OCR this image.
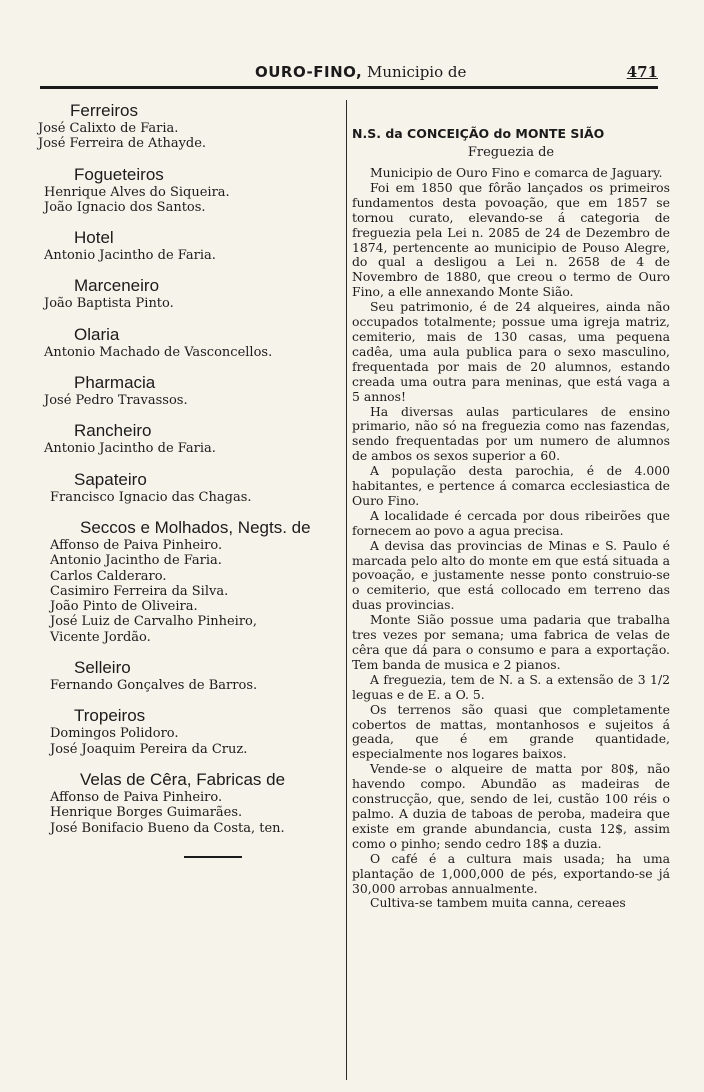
OURO-FINO, Municipio de	471
Ferreiros
José Calixto de Faria.
José Ferreira de Athayde.
Fogueteiros
Henrique Alves do Siqueira.
João Ignacio dos Santos.
Hotel
Antonio Jacintho de Faria.
Marceneiro
João Baptista Pinto.
Olaria
Antonio Machado de Vasconcellos.
Pharmacia
José Pedro Travassos.
Rancheiro
Antonio Jacintho de Faria.
Sapateiro
Francisco Ignacio das Chagas.
Seccos e Molhados, Negts. de
Affonso de Paiva Pinheiro.
Antonio Jacintho de Faria.
Carlos Calderaro.
Casimiro Ferreira da Silva.
João Pinto de Oliveira.
José Luiz de Carvalho Pinheiro,
Vicente Jordão.
Selleiro
Fernando Gonçalves de Barros.
Tropeiros
Domingos Polidoro.
José Joaquim Pereira da Cruz.
Velas de Cêra, Fabricas de
Affonso de Paiva Pinheiro.
Henrique Borges Guimarães.
José Bonifacio Bueno da Costa, ten.
N.S. da CONCEIÇÃO do MONTE SIÃO
Freguezia de

Municipio de Ouro Fino e comarca de Jaguary.

Foi em 1850 que fôrão lançados os primeiros fundamentos desta povoação, que em 1857 se tornou curato, elevando-se á categoria de freguezia pela Lei n. 2085 de 24 de Dezembro de 1874, pertencente ao municipio de Pouso Alegre, do qual a desligou a Lei n. 2658 de 4 de Novembro de 1880, que creou o termo de Ouro Fino, a elle annexando Monte Sião.

Seu patrimonio, é de 24 alqueires, ainda não occupados totalmente; possue uma igreja matriz, cemiterio, mais de 130 casas, uma pequena cadêa, uma aula publica para o sexo masculino, frequentada por mais de 20 alumnos, estando creada uma outra para meninas, que está vaga a 5 annos!

Ha diversas aulas particulares de ensino primario, não só na freguezia como nas fazendas, sendo frequentadas por um numero de alumnos de ambos os sexos superior a 60.

A população desta parochia, é de 4.000 habitantes, e pertence á comarca ecclesiastica de Ouro Fino.

A localidade é cercada por dous ribeirões que fornecem ao povo a agua precisa.

A devisa das provincias de Minas e S. Paulo é marcada pelo alto do monte em que está situada a povoação, e justamente nesse ponto construio-se o cemiterio, que está collocado em terreno das duas provincias.

Monte Sião possue uma padaria que trabalha tres vezes por semana; uma fabrica de velas de cêra que dá para o consumo e para a exportação. Tem banda de musica e 2 pianos.

A freguezia, tem de N. a S. a extensão de 3 1/2 leguas e de E. a O. 5.

Os terrenos são quasi que completamente cobertos de mattas, montanhosos e sujeitos á geada, que é em grande quantidade, especialmente nos logares baixos.

Vende-se o alqueire de matta por 80$, não havendo compo. Abundão as madeiras de construcção, que, sendo de lei, custão 100 réis o palmo. A duzia de taboas de peroba, madeira que existe em grande abundancia, custa 12$, assim como o pinho; sendo cedro 18$ a duzia.

O café é a cultura mais usada; ha uma plantação de 1,000,000 de pés, exportando-se já 30,000 arrobas annualmente.

Cultiva-se tambem muita canna, cereaes
